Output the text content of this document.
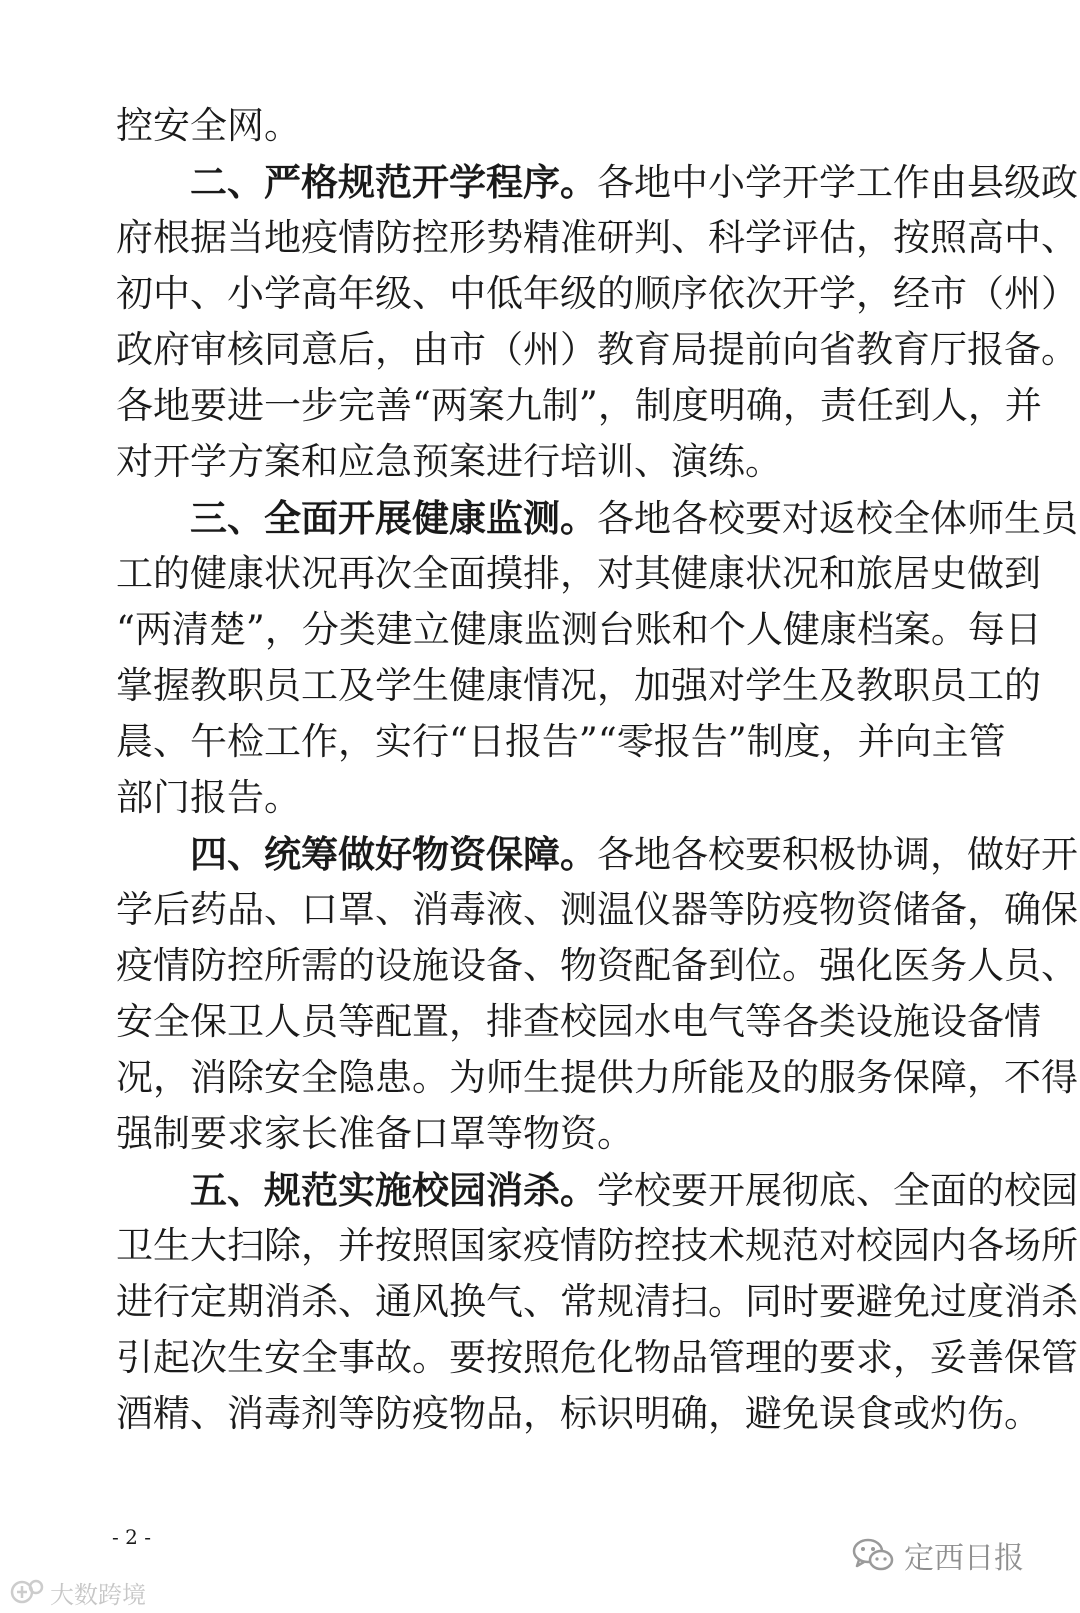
控安全网。
二、严格规范开学程序。各地中小学开学工作由县级政
府根据当地疫情防控形势精准研判、科学评估，按照高中、
初中、小学高年级、中低年级的顺序依次开学，经市（州）
政府审核同意后，由市（州）教育局提前向省教育厅报备。
各地要进一步完善“两案九制”，制度明确，责任到人，并
对开学方案和应急预案进行培训、演练。
三、全面开展健康监测。各地各校要对返校全体师生员
工的健康状况再次全面摸排，对其健康状况和旅居史做到
“两清楚”，分类建立健康监测台账和个人健康档案。每日
掌握教职员工及学生健康情况，加强对学生及教职员工的
晨、午检工作，实行“日报告”“零报告”制度，并向主管
部门报告。
四、统筹做好物资保障。各地各校要积极协调，做好开
学后药品、口罩、消毒液、测温仪器等防疫物资储备，确保
疫情防控所需的设施设备、物资配备到位。强化医务人员、
安全保卫人员等配置，排查校园水电气等各类设施设备情
况，消除安全隐患。为师生提供力所能及的服务保障，不得
强制要求家长准备口罩等物资。
五、规范实施校园消杀。学校要开展彻底、全面的校园
卫生大扫除，并按照国家疫情防控技术规范对校园内各场所
进行定期消杀、通风换气、常规清扫。同时要避免过度消杀
引起次生安全事故。要按照危化物品管理的要求，妥善保管
酒精、消毒剂等防疫物品，标识明确，避免误食或灼伤。
- 2 -
定西日报
大数跨境
